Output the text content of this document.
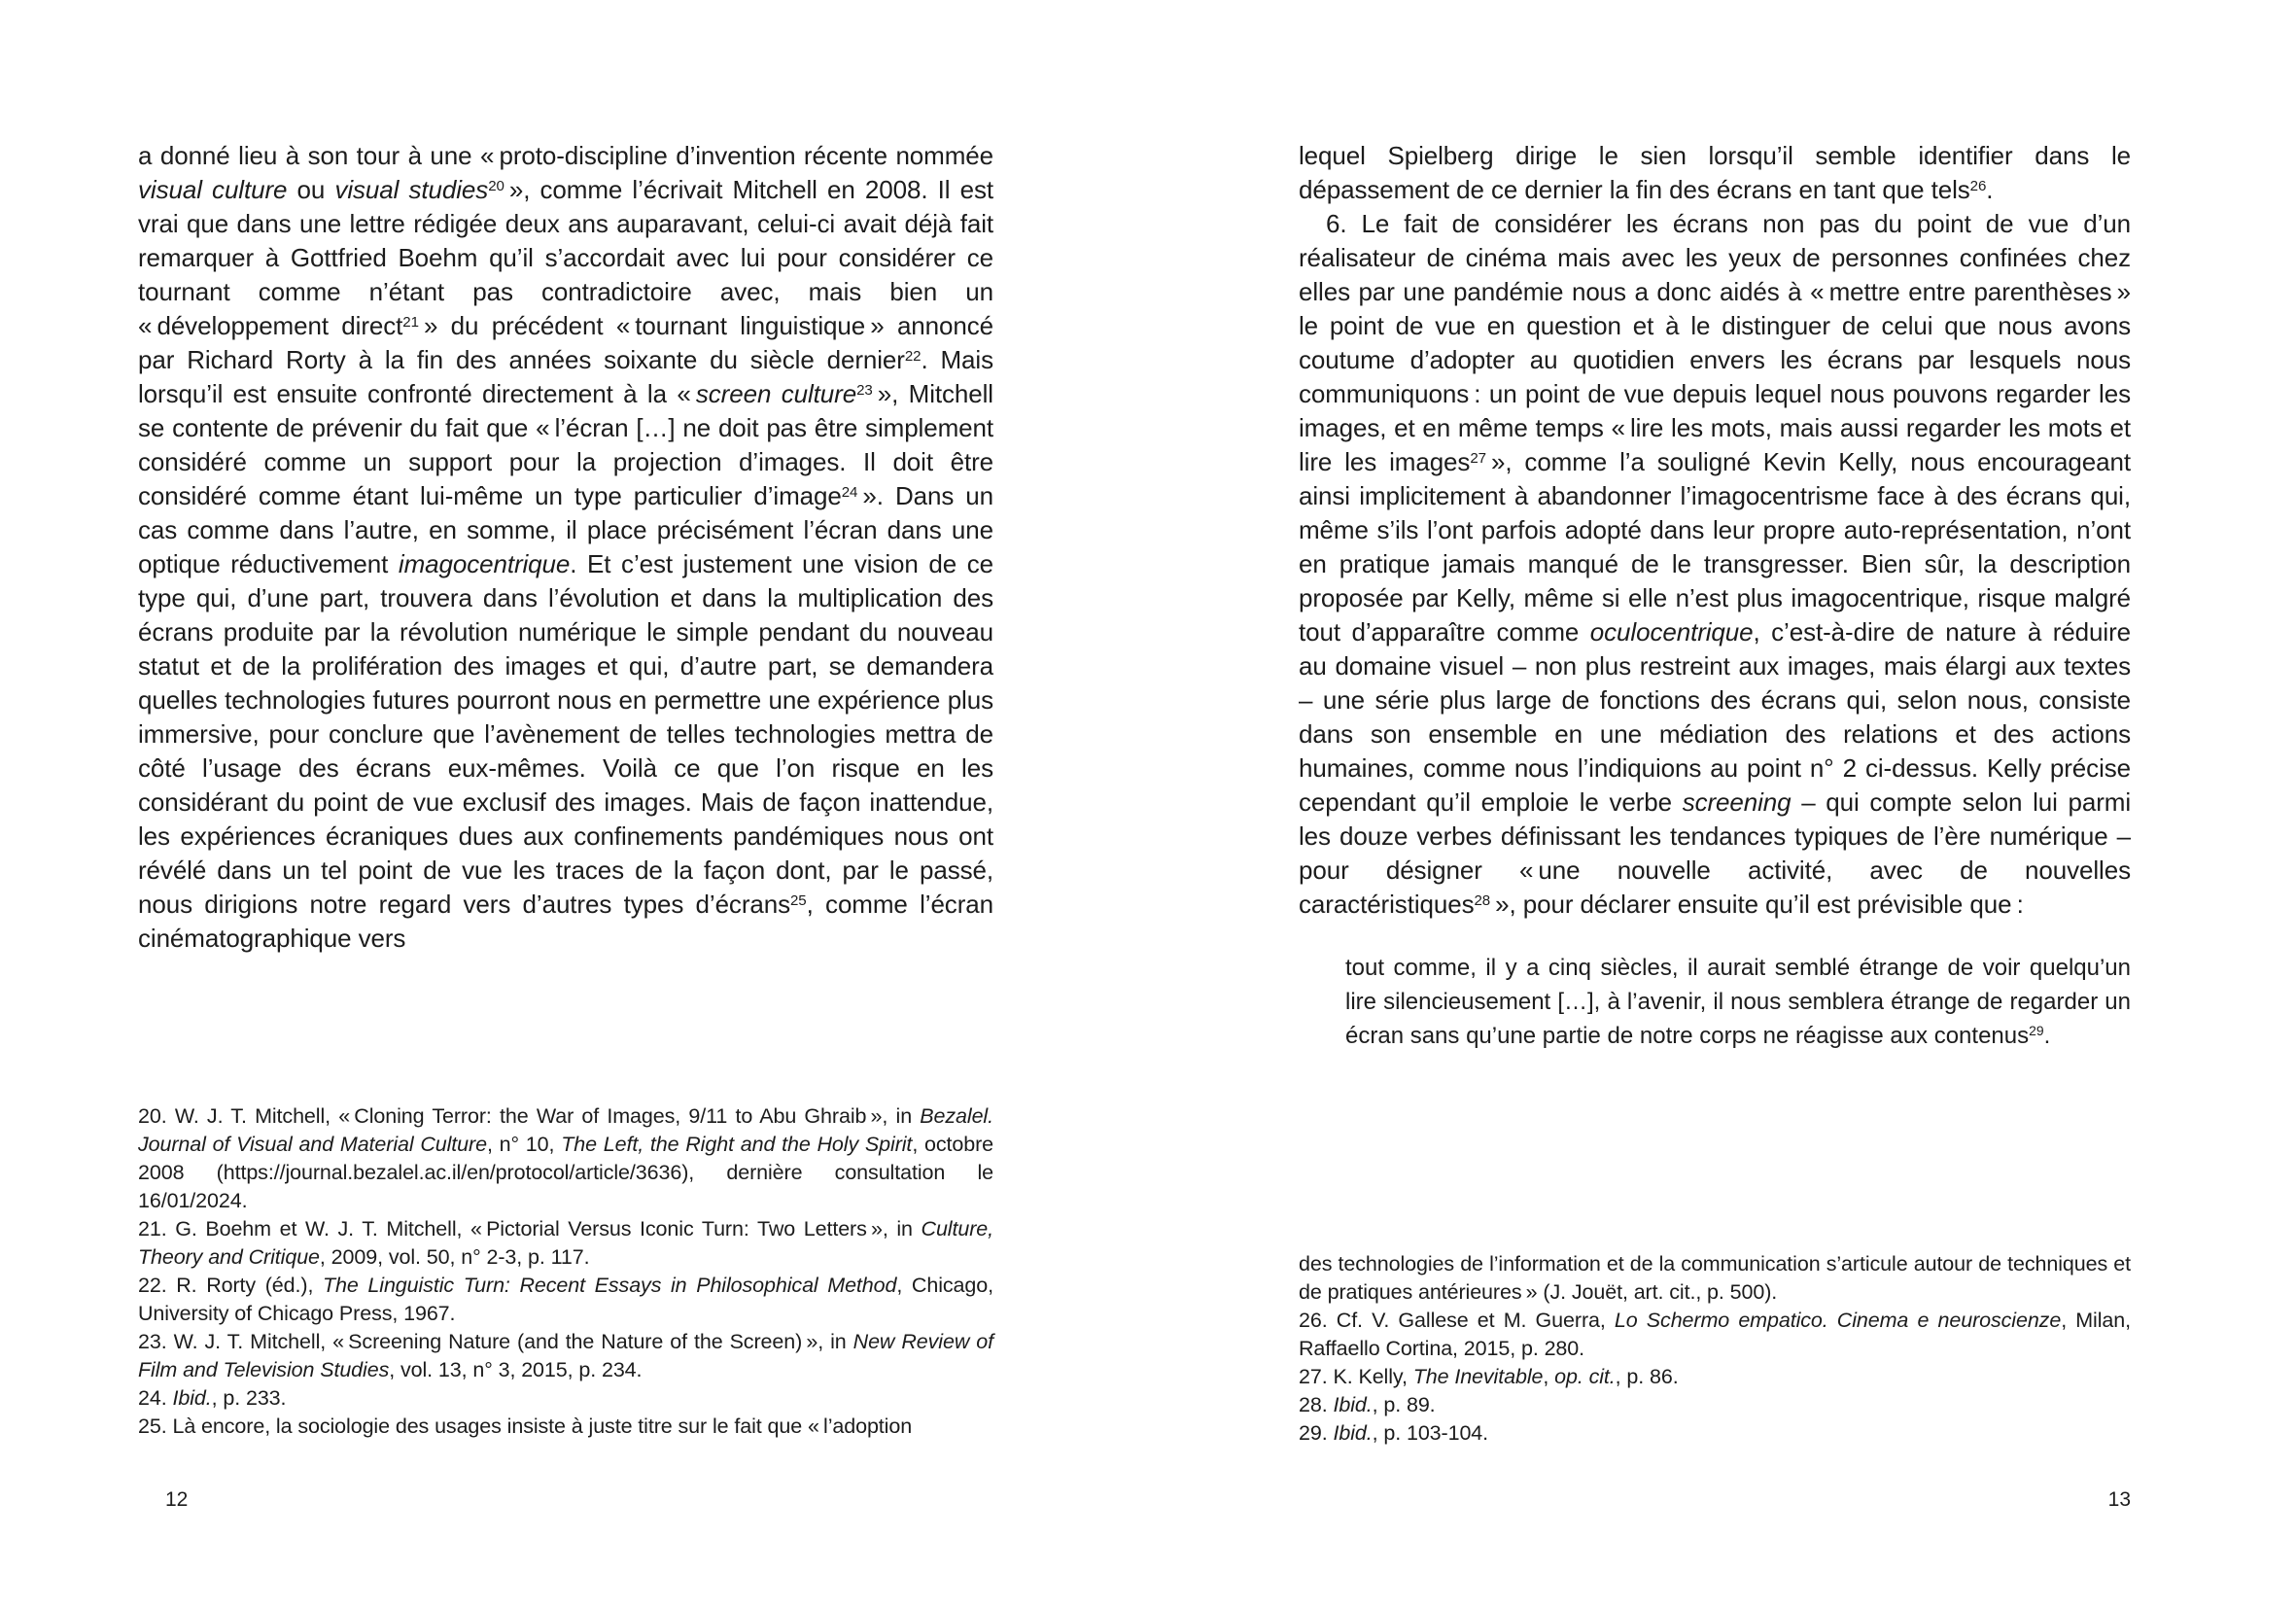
a donné lieu à son tour à une « proto-discipline d’invention récente nommée visual culture ou visual studies$^{20}$ », comme l’écrivait Mitchell en 2008. Il est vrai que dans une lettre rédigée deux ans auparavant, celui-ci avait déjà fait remarquer à Gottfried Boehm qu’il s’accordait avec lui pour considérer ce tournant comme n’étant pas contradictoire avec, mais bien un « développement direct$^{21}$ » du précédent « tournant linguistique » annoncé par Richard Rorty à la fin des années soixante du siècle dernier$^{22}$. Mais lorsqu’il est ensuite confronté directement à la « screen culture$^{23}$ », Mitchell se contente de prévenir du fait que « l’écran […] ne doit pas être simplement considéré comme un support pour la projection d’images. Il doit être considéré comme étant lui-même un type particulier d’image$^{24}$ ». Dans un cas comme dans l’autre, en somme, il place précisément l’écran dans une optique réductivement imagocentrique. Et c’est justement une vision de ce type qui, d’une part, trouvera dans l’évolution et dans la multiplication des écrans produite par la révolution numérique le simple pendant du nouveau statut et de la prolifération des images et qui, d’autre part, se demandera quelles technologies futures pourront nous en permettre une expérience plus immersive, pour conclure que l’avènement de telles technologies mettra de côté l’usage des écrans eux-mêmes. Voilà ce que l’on risque en les considérant du point de vue exclusif des images. Mais de façon inattendue, les expériences écraniques dues aux confinements pandémiques nous ont révélé dans un tel point de vue les traces de la façon dont, par le passé, nous dirigions notre regard vers d’autres types d’écrans$^{25}$, comme l’écran cinématographique vers

20. W. J. T. Mitchell, « Cloning Terror: the War of Images, 9/11 to Abu Ghraib », in Bezalel. Journal of Visual and Material Culture, n° 10, The Left, the Right and the Holy Spirit, octobre 2008 (https://journal.bezalel.ac.il/en/protocol/article/3636), dernière consultation le 16/01/2024.

21. G. Boehm et W. J. T. Mitchell, « Pictorial Versus Iconic Turn: Two Letters », in Culture, Theory and Critique, 2009, vol. 50, n° 2-3, p. 117.

22. R. Rorty (éd.), The Linguistic Turn: Recent Essays in Philosophical Method, Chicago, University of Chicago Press, 1967.

23. W. J. T. Mitchell, « Screening Nature (and the Nature of the Screen) », in New Review of Film and Television Studies, vol. 13, n° 3, 2015, p. 234.

24. Ibid., p. 233.

25. Là encore, la sociologie des usages insiste à juste titre sur le fait que « l’adoption

12

lequel Spielberg dirige le sien lorsqu’il semble identifier dans le dépassement de ce dernier la fin des écrans en tant que tels$^{26}$.

6. Le fait de considérer les écrans non pas du point de vue d’un réalisateur de cinéma mais avec les yeux de personnes confinées chez elles par une pandémie nous a donc aidés à « mettre entre parenthèses » le point de vue en question et à le distinguer de celui que nous avons coutume d’adopter au quotidien envers les écrans par lesquels nous communiquons : un point de vue depuis lequel nous pouvons regarder les images, et en même temps « lire les mots, mais aussi regarder les mots et lire les images$^{27}$ », comme l’a souligné Kevin Kelly, nous encourageant ainsi implicitement à abandonner l’imagocentrisme face à des écrans qui, même s’ils l’ont parfois adopté dans leur propre auto-représentation, n’ont en pratique jamais manqué de le transgresser. Bien sûr, la description proposée par Kelly, même si elle n’est plus imagocentrique, risque malgré tout d’apparaître comme oculocentrique, c’est-à-dire de nature à réduire au domaine visuel – non plus restreint aux images, mais élargi aux textes – une série plus large de fonctions des écrans qui, selon nous, consiste dans son ensemble en une médiation des relations et des actions humaines, comme nous l’indiquions au point n° 2 ci-dessus. Kelly précise cependant qu’il emploie le verbe screening – qui compte selon lui parmi les douze verbes définissant les tendances typiques de l’ère numérique – pour désigner « une nouvelle activité, avec de nouvelles caractéristiques$^{28}$ », pour déclarer ensuite qu’il est prévisible que :

tout comme, il y a cinq siècles, il aurait semblé étrange de voir quelqu’un lire silencieusement […], à l’avenir, il nous semblera étrange de regarder un écran sans qu’une partie de notre corps ne réagisse aux contenus$^{29}$.

des technologies de l’information et de la communication s’articule autour de techniques et de pratiques antérieures » (J. Jouët, art. cit., p. 500).

26. Cf. V. Gallese et M. Guerra, Lo Schermo empatico. Cinema e neuroscienze, Milan, Raffaello Cortina, 2015, p. 280.

27. K. Kelly, The Inevitable, op. cit., p. 86.

28. Ibid., p. 89.

29. Ibid., p. 103-104.

13
